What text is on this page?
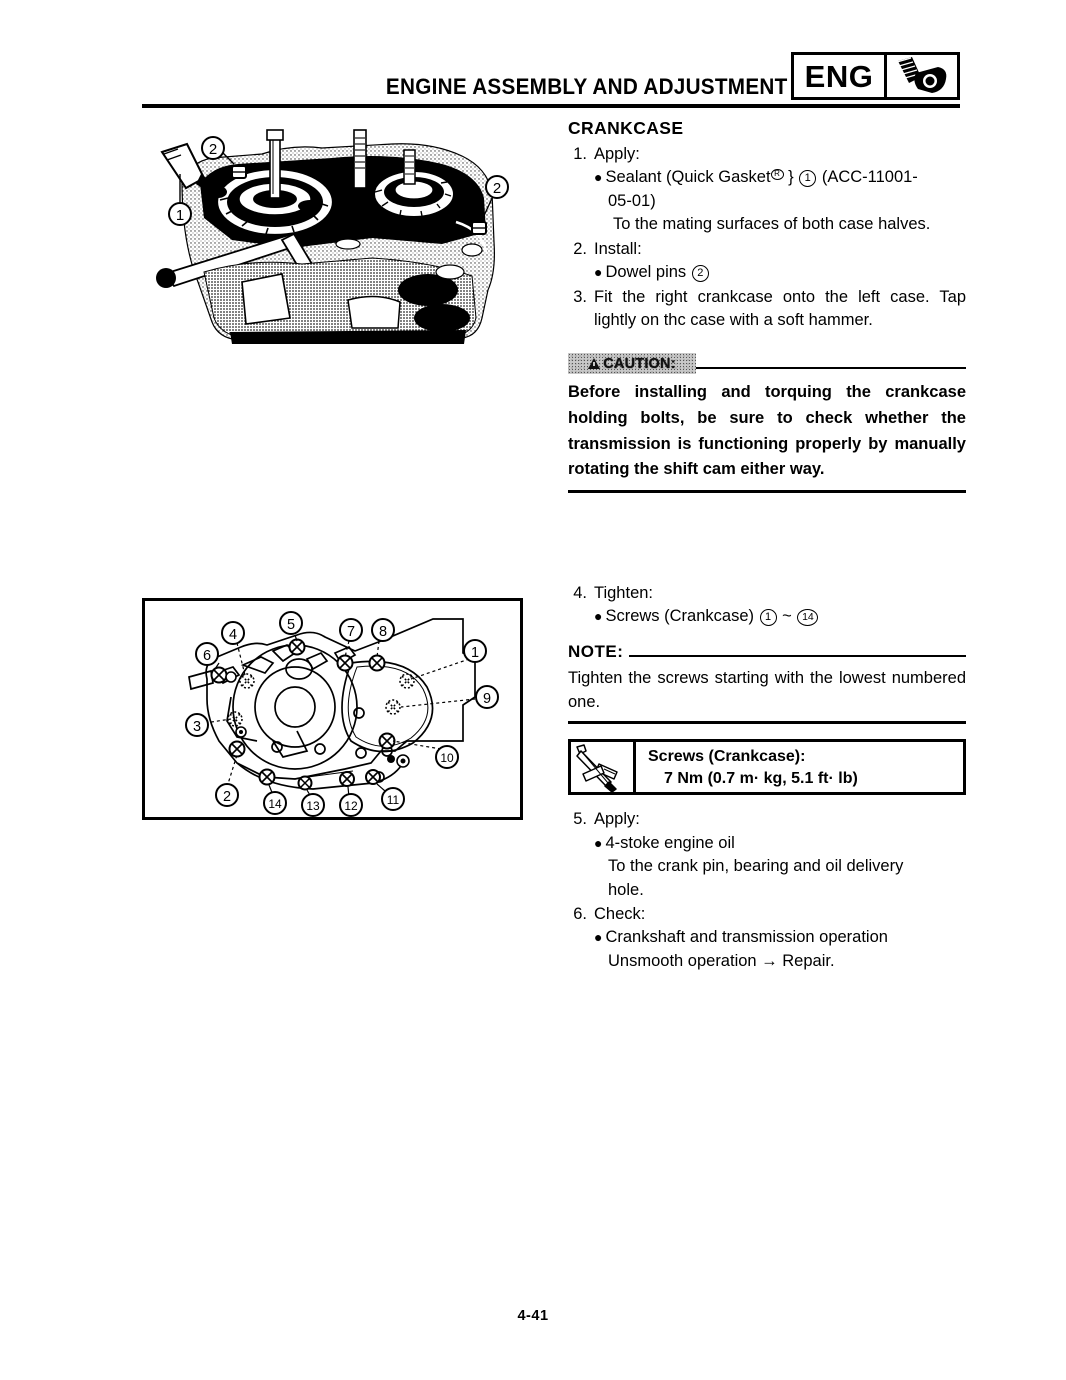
ENGINE ASSEMBLY AND ADJUSTMENT ENG
1
2
2
1
2
3
4
5
6
7 8
9
10
11
12
13
14
CRANKCASE
1. Apply:
● Sealant (Quick Gasket R } 1 (ACC-11001-
05-01)
To the mating surfaces of both case halves.
2. Install:
● Dowel pins 2
3. Fit the right crankcase onto the left case. Tap lightly on thc case with a soft hammer.
CAUTION:
Before installing and torquing the crankcase holding bolts, be sure to check whether the transmission is functioning properly by manually rotating the shift cam either way.
4. Tighten:
● Screws (Crankcase) 1 ~ 14
NOTE:
Tighten the screws starting with the lowest numbered one.
Screws (Crankcase):
7 Nm (0.7 m· kg, 5.1 ft· lb)
5. Apply:
● 4-stoke engine oil
To the crank pin, bearing and oil delivery
hole.
6. Check:
● Crankshaft and transmission operation
Unsmooth operation → Repair.
4-41
